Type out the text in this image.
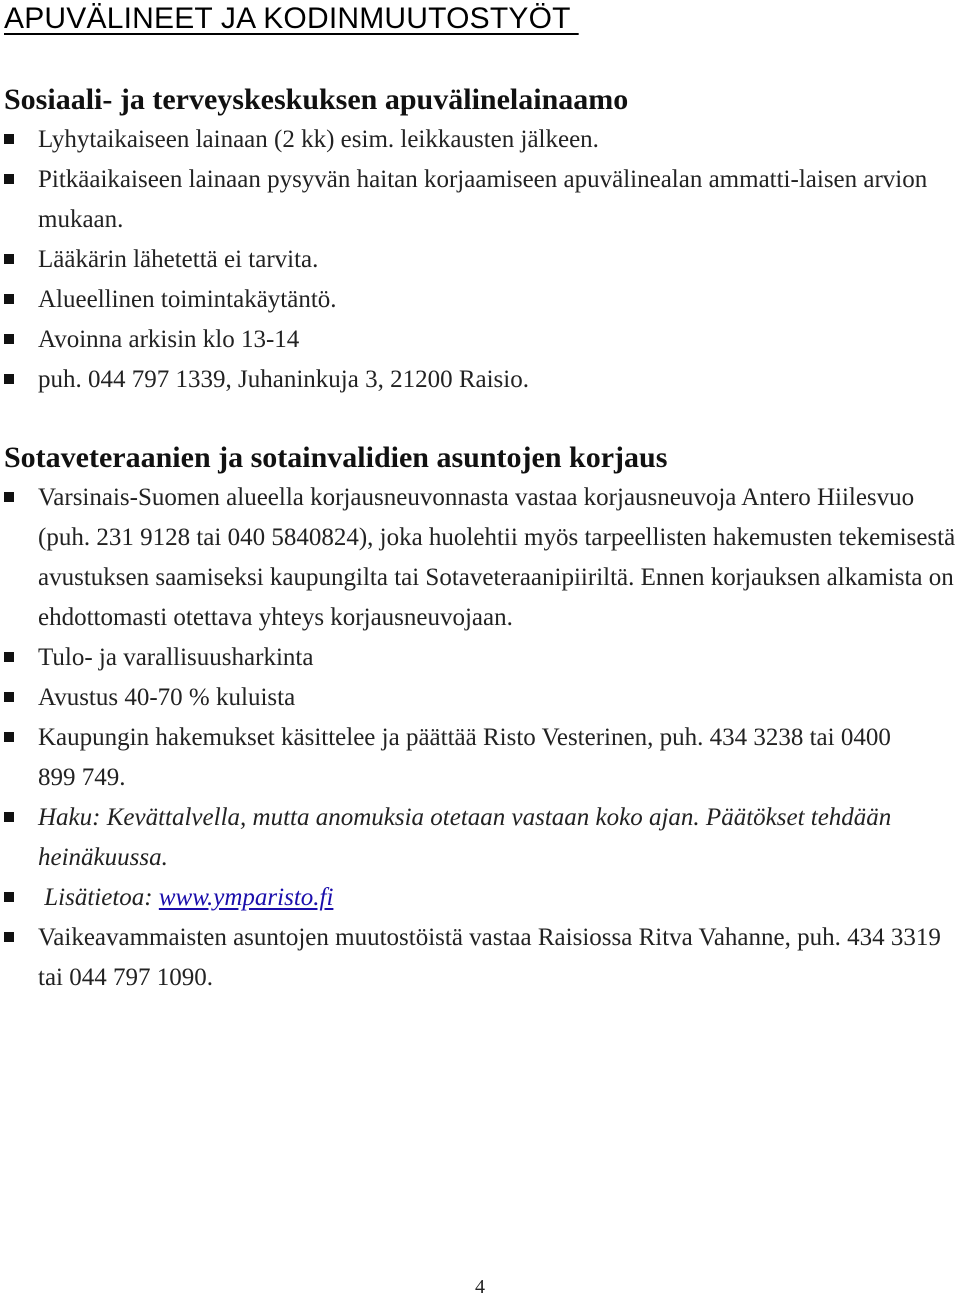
APUVÄLINEET JA KODINMUUTOSTYÖT
Sosiaali- ja terveyskeskuksen apuvälinelainaamo
Lyhytaikaiseen lainaan (2 kk) esim. leikkausten jälkeen.
Pitkäaikaiseen lainaan pysyvän haitan korjaamiseen apuvälinealan ammatti-laisen arvion mukaan.
Lääkärin lähetettä ei tarvita.
Alueellinen toimintakäytäntö.
Avoinna arkisin klo 13-14
puh. 044 797 1339, Juhaninkuja 3, 21200 Raisio.
Sotaveteraanien ja sotainvalidien asuntojen korjaus
Varsinais-Suomen alueella korjausneuvonnasta vastaa korjausneuvoja Antero Hiilesvuo (puh. 231 9128 tai 040 5840824), joka huolehtii myös tarpeellisten hakemusten tekemisestä avustuksen saamiseksi kaupungilta tai Sotaveteraanipiiriltä. Ennen korjauksen alkamista on ehdottomasti otettava yhteys korjausneuvojaan.
Tulo- ja varallisuusharkinta
Avustus 40-70 % kuluista
Kaupungin hakemukset käsittelee ja päättää Risto Vesterinen, puh. 434 3238 tai 0400 899 749.
Haku: Kevättalvella, mutta anomuksia otetaan vastaan koko ajan. Päätökset tehdään heinäkuussa.
Lisätietoa: www.ymparisto.fi
Vaikeavammaisten asuntojen muutostöistä vastaa Raisiossa Ritva Vahanne, puh. 434 3319 tai 044 797 1090.
4
